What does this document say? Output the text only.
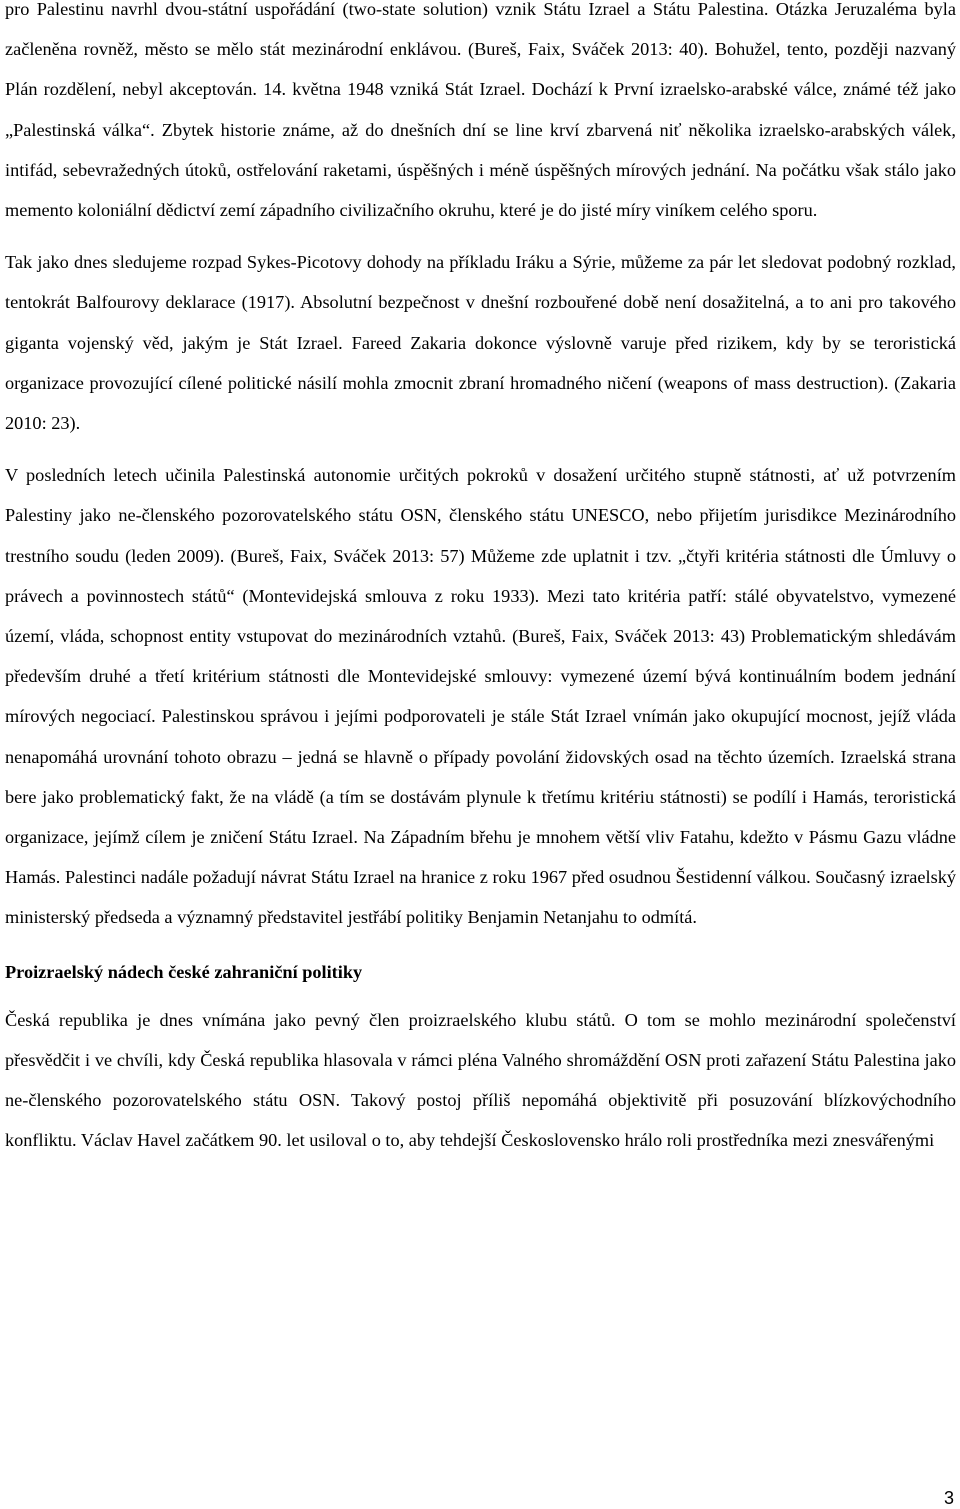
pro Palestinu navrhl dvou-státní uspořádání (two-state solution) vznik Státu Izrael a Státu Palestina. Otázka Jeruzaléma byla začleněna rovněž, město se mělo stát mezinárodní enklávou. (Bureš, Faix, Sváček 2013: 40). Bohužel, tento, později nazvaný Plán rozdělení, nebyl akceptován. 14. května 1948 vzniká Stát Izrael. Dochází k První izraelsko-arabské válce, známé též jako „Palestinská válka“. Zbytek historie známe, až do dnešních dní se line krví zbarvená niť několika izraelsko-arabských válek, intifád, sebevražedných útoků, ostřelování raketami, úspěšných i méně úspěšných mírových jednání. Na počátku však stálo jako memento koloniální dědictví zemí západního civilizačního okruhu, které je do jisté míry viníkem celého sporu.

Tak jako dnes sledujeme rozpad Sykes-Picotovy dohody na příkladu Iráku a Sýrie, můžeme za pár let sledovat podobný rozklad, tentokrát Balfourovy deklarace (1917). Absolutní bezpečnost v dnešní rozbouřené době není dosažitelná, a to ani pro takového giganta vojenský věd, jakým je Stát Izrael. Fareed Zakaria dokonce výslovně varuje před rizikem, kdy by se teroristická organizace provozující cílené politické násilí mohla zmocnit zbraní hromadného ničení (weapons of mass destruction). (Zakaria 2010: 23).

V posledních letech učinila Palestinská autonomie určitých pokroků v dosažení určitého stupně státnosti, ať už potvrzením Palestiny jako ne-členského pozorovatelského státu OSN, členského státu UNESCO, nebo přijetím jurisdikce Mezinárodního trestního soudu (leden 2009). (Bureš, Faix, Sváček 2013: 57) Můžeme zde uplatnit i tzv. „čtyři kritéria státnosti dle Úmluvy o právech a povinnostech států“ (Montevidejská smlouva z roku 1933). Mezi tato kritéria patří: stálé obyvatelstvo, vymezené území, vláda, schopnost entity vstupovat do mezinárodních vztahů. (Bureš, Faix, Sváček 2013: 43) Problematickým shledávám především druhé a třetí kritérium státnosti dle Montevidejské smlouvy: vymezené území bývá kontinuálním bodem jednání mírových negociací. Palestinskou správou i jejími podporovateli je stále Stát Izrael vnímán jako okupující mocnost, jejíž vláda nenapomáhá urovnání tohoto obrazu – jedná se hlavně o případy povolání židovských osad na těchto územích. Izraelská strana bere jako problematický fakt, že na vládě (a tím se dostávám plynule k třetímu kritériu státnosti) se podílí i Hamás, teroristická organizace, jejímž cílem je zničení Státu Izrael. Na Západním břehu je mnohem větší vliv Fatahu, kdežto v Pásmu Gazu vládne Hamás. Palestinci nadále požadují návrat Státu Izrael na hranice z roku 1967 před osudnou Šestidenní válkou. Současný izraelský ministerský předseda a významný představitel jestřábí politiky Benjamin Netanjahu to odmítá.

Proizraelský nádech české zahraniční politiky

Česká republika je dnes vnímána jako pevný člen proizraelského klubu států. O tom se mohlo mezinárodní společenství přesvědčit i ve chvíli, kdy Česká republika hlasovala v rámci pléna Valného shromáždění OSN proti zařazení Státu Palestina jako ne-členského pozorovatelského státu OSN. Takový postoj příliš nepomáhá objektivitě při posuzování blízkovýchodního konfliktu. Václav Havel začátkem 90. let usiloval o to, aby tehdejší Československo hrálo roli prostředníka mezi znesvářenými

3
